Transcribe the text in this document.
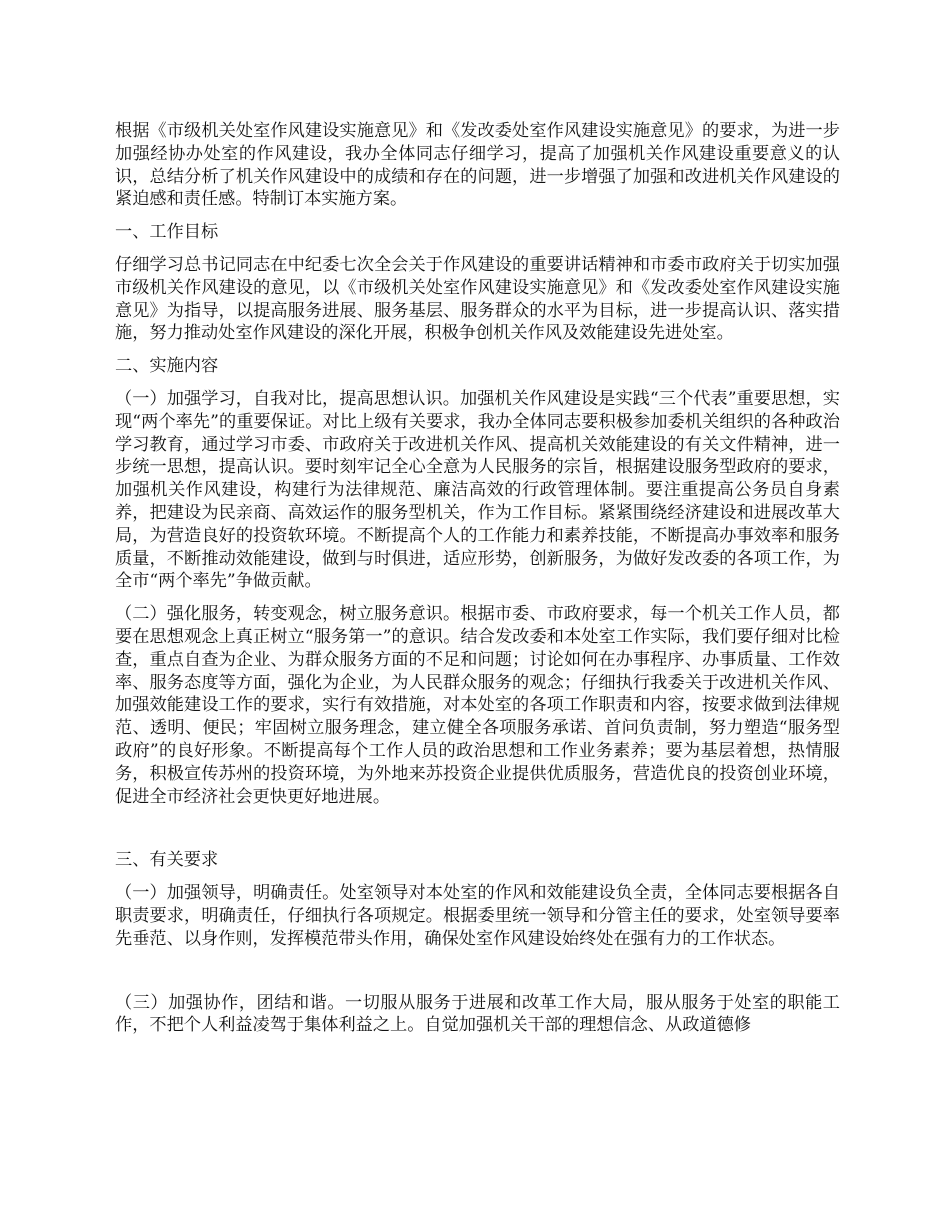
根据《市级机关处室作风建设实施意见》和《发改委处室作风建设实施意见》的要求，为进一步加强经协办处室的作风建设，我办全体同志仔细学习，提高了加强机关作风建设重要意义的认识，总结分析了机关作风建设中的成绩和存在的问题，进一步增强了加强和改进机关作风建设的紧迫感和责任感。特制订本实施方案。

一、工作目标

仔细学习总书记同志在中纪委七次全会关于作风建设的重要讲话精神和市委市政府关于切实加强市级机关作风建设的意见，以《市级机关处室作风建设实施意见》和《发改委处室作风建设实施意见》为指导，以提高服务进展、服务基层、服务群众的水平为目标，进一步提高认识、落实措施，努力推动处室作风建设的深化开展，积极争创机关作风及效能建设先进处室。

二、实施内容

（一）加强学习，自我对比，提高思想认识。加强机关作风建设是实践“三个代表”重要思想，实现“两个率先”的重要保证。对比上级有关要求，我办全体同志要积极参加委机关组织的各种政治学习教育，通过学习市委、市政府关于改进机关作风、提高机关效能建设的有关文件精神，进一步统一思想，提高认识。要时刻牢记全心全意为人民服务的宗旨，根据建设服务型政府的要求，加强机关作风建设，构建行为法律规范、廉洁高效的行政管理体制。要注重提高公务员自身素养，把建设为民亲商、高效运作的服务型机关，作为工作目标。紧紧围绕经济建设和进展改革大局，为营造良好的投资软环境。不断提高个人的工作能力和素养技能，不断提高办事效率和服务质量，不断推动效能建设，做到与时俱进，适应形势，创新服务，为做好发改委的各项工作，为全市“两个率先”争做贡献。

（二）强化服务，转变观念，树立服务意识。根据市委、市政府要求，每一个机关工作人员，都要在思想观念上真正树立“服务第一”的意识。结合发改委和本处室工作实际，我们要仔细对比检查，重点自查为企业、为群众服务方面的不足和问题；讨论如何在办事程序、办事质量、工作效率、服务态度等方面，强化为企业，为人民群众服务的观念；仔细执行我委关于改进机关作风、加强效能建设工作的要求，实行有效措施，对本处室的各项工作职责和内容，按要求做到法律规范、透明、便民；牢固树立服务理念，建立健全各项服务承诺、首问负责制，努力塑造“服务型政府”的良好形象。不断提高每个工作人员的政治思想和工作业务素养；要为基层着想，热情服务，积极宣传苏州的投资环境，为外地来苏投资企业提供优质服务，营造优良的投资创业环境，促进全市经济社会更快更好地进展。

三、有关要求

（一）加强领导，明确责任。处室领导对本处室的作风和效能建设负全责，全体同志要根据各自职责要求，明确责任，仔细执行各项规定。根据委里统一领导和分管主任的要求，处室领导要率先垂范、以身作则，发挥模范带头作用，确保处室作风建设始终处在强有力的工作状态。

（三）加强协作，团结和谐。一切服从服务于进展和改革工作大局，服从服务于处室的职能工作，不把个人利益凌驾于集体利益之上。自觉加强机关干部的理想信念、从政道德修
